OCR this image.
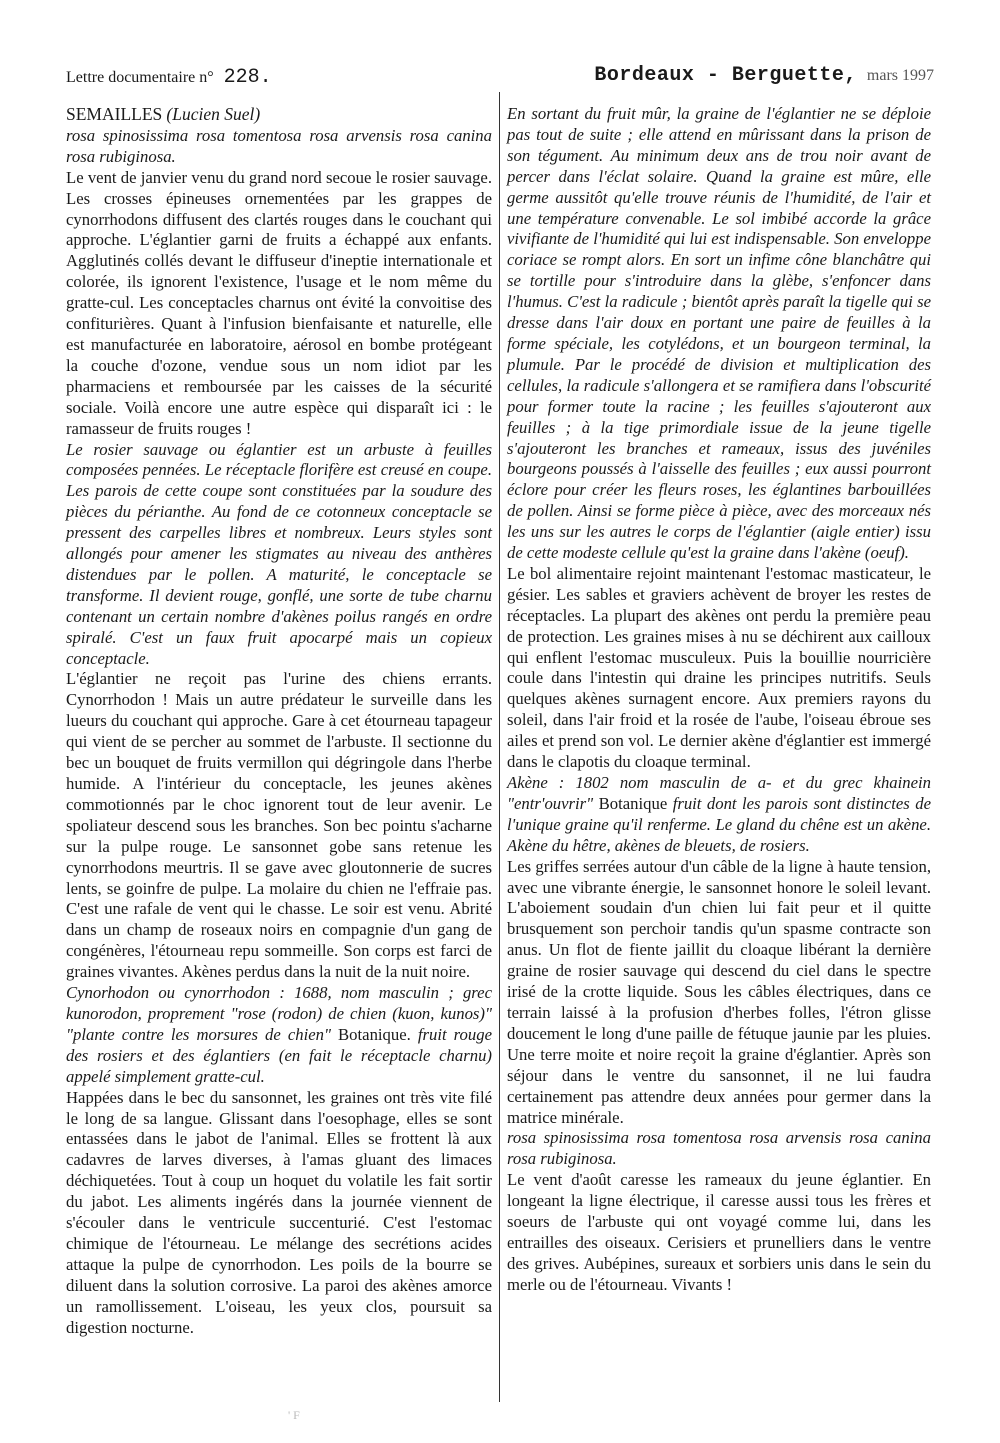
Lettre documentaire n° 228.	Bordeaux - Berguette, mars 1997

SEMAILLES (Lucien Suel)

rosa spinosissima rosa tomentosa rosa arvensis rosa canina rosa rubiginosa.

Le vent de janvier venu du grand nord secoue le rosier sauvage. Les crosses épineuses ornementées par les grappes de cynorrhodons diffusent des clartés rouges dans le couchant qui approche. L'églantier garni de fruits a échappé aux enfants. Agglutinés collés devant le diffuseur d'ineptie internationale et colorée, ils ignorent l'existence, l'usage et le nom même du gratte-cul. Les conceptacles charnus ont évité la convoitise des confiturières. Quant à l'infusion bienfaisante et naturelle, elle est manufacturée en laboratoire, aérosol en bombe protégeant la couche d'ozone, vendue sous un nom idiot par les pharmaciens et remboursée par les caisses de la sécurité sociale. Voilà encore une autre espèce qui disparaît ici : le ramasseur de fruits rouges !

Le rosier sauvage ou églantier est un arbuste à feuilles composées pennées. Le réceptacle florifère est creusé en coupe. Les parois de cette coupe sont constituées par la soudure des pièces du périanthe. Au fond de ce cotonneux conceptacle se pressent des carpelles libres et nombreux. Leurs styles sont allongés pour amener les stigmates au niveau des anthères distendues par le pollen. A maturité, le conceptacle se transforme. Il devient rouge, gonflé, une sorte de tube charnu contenant un certain nombre d'akènes poilus rangés en ordre spiralé. C'est un faux fruit apocarpé mais un copieux conceptacle.

L'églantier ne reçoit pas l'urine des chiens errants. Cynorrhodon ! Mais un autre prédateur le surveille dans les lueurs du couchant qui approche. Gare à cet étourneau tapageur qui vient de se percher au sommet de l'arbuste. Il sectionne du bec un bouquet de fruits vermillon qui dégringole dans l'herbe humide. A l'intérieur du conceptacle, les jeunes akènes commotionnés par le choc ignorent tout de leur avenir. Le spoliateur descend sous les branches. Son bec pointu s'acharne sur la pulpe rouge. Le sansonnet gobe sans retenue les cynorrhodons meurtris. Il se gave avec gloutonnerie de sucres lents, se goinfre de pulpe. La molaire du chien ne l'effraie pas. C'est une rafale de vent qui le chasse. Le soir est venu. Abrité dans un champ de roseaux noirs en compagnie d'un gang de congénères, l'étourneau repu sommeille. Son corps est farci de graines vivantes. Akènes perdus dans la nuit de la nuit noire.

Cynorhodon ou cynorrhodon : 1688, nom masculin ; grec kunorodon, proprement "rose (rodon) de chien (kuon, kunos)" "plante contre les morsures de chien" Botanique. fruit rouge des rosiers et des églantiers (en fait le réceptacle charnu) appelé simplement gratte-cul.

Happées dans le bec du sansonnet, les graines ont très vite filé le long de sa langue. Glissant dans l'oesophage, elles se sont entassées dans le jabot de l'animal. Elles se frottent là aux cadavres de larves diverses, à l'amas gluant des limaces déchiquetées. Tout à coup un hoquet du volatile les fait sortir du jabot. Les aliments ingérés dans la journée viennent de s'écouler dans le ventricule succenturié. C'est l'estomac chimique de l'étourneau. Le mélange des secrétions acides attaque la pulpe de cynorrhodon. Les poils de la bourre se diluent dans la solution corrosive. La paroi des akènes amorce un ramollissement. L'oiseau, les yeux clos, poursuit sa digestion nocturne.

En sortant du fruit mûr, la graine de l'églantier ne se déploie pas tout de suite ; elle attend en mûrissant dans la prison de son tégument. Au minimum deux ans de trou noir avant de percer dans l'éclat solaire. Quand la graine est mûre, elle germe aussitôt qu'elle trouve réunis de l'humidité, de l'air et une température convenable. Le sol imbibé accorde la grâce vivifiante de l'humidité qui lui est indispensable. Son enveloppe coriace se rompt alors. En sort un infime cône blanchâtre qui se tortille pour s'introduire dans la glèbe, s'enfoncer dans l'humus. C'est la radicule ; bientôt après paraît la tigelle qui se dresse dans l'air doux en portant une paire de feuilles à la forme spéciale, les cotylédons, et un bourgeon terminal, la plumule. Par le procédé de division et multiplication des cellules, la radicule s'allongera et se ramifiera dans l'obscurité pour former toute la racine ; les feuilles s'ajouteront aux feuilles ; à la tige primordiale issue de la jeune tigelle s'ajouteront les branches et rameaux, issus des juvéniles bourgeons poussés à l'aisselle des feuilles ; eux aussi pourront éclore pour créer les fleurs roses, les églantines barbouillées de pollen. Ainsi se forme pièce à pièce, avec des morceaux nés les uns sur les autres le corps de l'églantier (aigle entier) issu de cette modeste cellule qu'est la graine dans l'akène (oeuf).

Le bol alimentaire rejoint maintenant l'estomac masticateur, le gésier. Les sables et graviers achèvent de broyer les restes de réceptacles. La plupart des akènes ont perdu la première peau de protection. Les graines mises à nu se déchirent aux cailloux qui enflent l'estomac musculeux. Puis la bouillie nourricière coule dans l'intestin qui draine les principes nutritifs. Seuls quelques akènes surnagent encore. Aux premiers rayons du soleil, dans l'air froid et la rosée de l'aube, l'oiseau ébroue ses ailes et prend son vol. Le dernier akène d'églantier est immergé dans le clapotis du cloaque terminal.

Akène : 1802 nom masculin de a- et du grec khainein "entr'ouvrir" Botanique fruit dont les parois sont distinctes de l'unique graine qu'il renferme. Le gland du chêne est un akène. Akène du hêtre, akènes de bleuets, de rosiers.

Les griffes serrées autour d'un câble de la ligne à haute tension, avec une vibrante énergie, le sansonnet honore le soleil levant. L'aboiement soudain d'un chien lui fait peur et il quitte brusquement son perchoir tandis qu'un spasme contracte son anus. Un flot de fiente jaillit du cloaque libérant la dernière graine de rosier sauvage qui descend du ciel dans le spectre irisé de la crotte liquide. Sous les câbles électriques, dans ce terrain laissé à la profusion d'herbes folles, l'étron glisse doucement le long d'une paille de fétuque jaunie par les pluies. Une terre moite et noire reçoit la graine d'églantier. Après son séjour dans le ventre du sansonnet, il ne lui faudra certainement pas attendre deux années pour germer dans la matrice minérale.

rosa spinosissima rosa tomentosa rosa arvensis rosa canina rosa rubiginosa.

Le vent d'août caresse les rameaux du jeune églantier. En longeant la ligne électrique, il caresse aussi tous les frères et soeurs de l'arbuste qui ont voyagé comme lui, dans les entrailles des oiseaux. Cerisiers et prunelliers dans le ventre des grives. Aubépines, sureaux et sorbiers unis dans le sein du merle ou de l'étourneau. Vivants !

' F
